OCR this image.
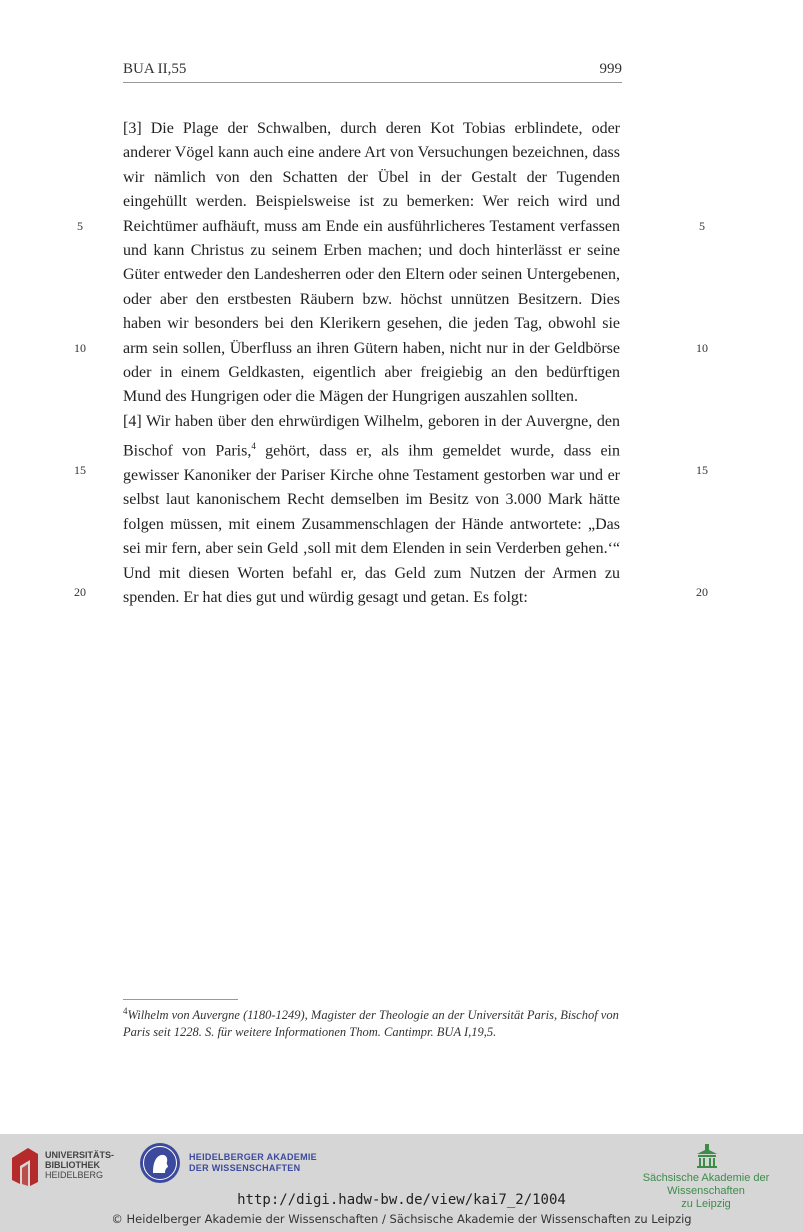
BUA II,55	999
5	5
10	10
15	15
20	20

[3] Die Plage der Schwalben, durch deren Kot Tobias erblindete, oder anderer Vögel kann auch eine andere Art von Versuchungen bezeichnen, dass wir nämlich von den Schatten der Übel in der Gestalt der Tugenden eingehüllt werden. Beispielsweise ist zu bemerken: Wer reich wird und Reichtümer aufhäuft, muss am Ende ein ausführlicheres Testament verfassen und kann Christus zu seinem Erben machen; und doch hinterlässt er seine Güter entweder den Landesherren oder den Eltern oder seinen Untergebenen, oder aber den erstbesten Räubern bzw. höchst unnützen Besitzern. Dies haben wir besonders bei den Klerikern gesehen, die jeden Tag, obwohl sie arm sein sollen, Überfluss an ihren Gütern haben, nicht nur in der Geldbörse oder in einem Geldkasten, eigentlich aber freigiebig an den bedürftigen Mund des Hungrigen oder die Mägen der Hungrigen auszahlen sollten.

[4] Wir haben über den ehrwürdigen Wilhelm, geboren in der Auvergne, den Bischof von Paris,$^4$ gehört, dass er, als ihm gemeldet wurde, dass ein gewisser Kanoniker der Pariser Kirche ohne Testament gestorben war und er selbst laut kanonischem Recht demselben im Besitz von 3.000 Mark hätte folgen müssen, mit einem Zusammenschlagen der Hände antwortete: „Das sei mir fern, aber sein Geld ‚soll mit dem Elenden in sein Verderben gehen.‘“ Und mit diesen Worten befahl er, das Geld zum Nutzen der Armen zu spenden. Er hat dies gut und würdig gesagt und getan. Es folgt:

$^4$Wilhelm von Auvergne (1180-1249), Magister der Theologie an der Universität Paris, Bischof von Paris seit 1228. S. für weitere Informationen Thom. Cantimpr. BUA I,19,5.
UNIVERSITÄTS-
BIBLIOTHEK
HEIDELBERG
HEIDELBERGER AKADEMIE
DER WISSENSCHAFTEN
Sächsische Akademie der Wissenschaften
zu Leipzig
http://digi.hadw-bw.de/view/kai7_2/1004
© Heidelberger Akademie der Wissenschaften / Sächsische Akademie der Wissenschaften zu Leipzig
